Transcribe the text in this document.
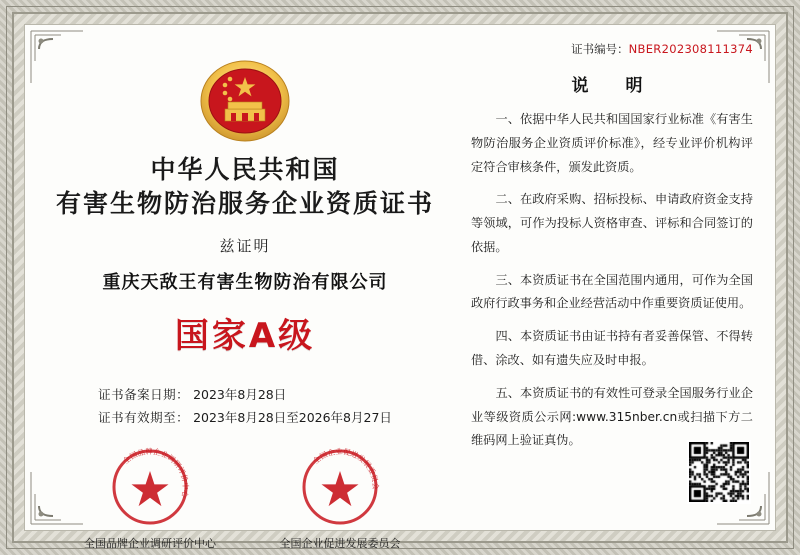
中华人民共和国
有害生物防治服务企业资质证书
兹证明
重庆天敌王有害生物防治有限公司
国家A级
证书备案日期： 2023年8月28日
证书有效期至： 2023年8月28日至2026年8月27日
全国品牌企业调研评价中心
全国品牌企业调研评价中心
全国企业促进发展委员会
全国企业促进发展委员会
证书编号：NBER202308111374
说　明
一、依据中华人民共和国国家行业标准《有害生物防治服务企业资质评价标准》，经专业评价机构评定符合审核条件，颁发此资质。
二、在政府采购、招标投标、申请政府资金支持等领域，可作为投标人资格审查、评标和合同签订的依据。
三、本资质证书在全国范围内通用，可作为全国政府行政事务和企业经营活动中作重要资质证使用。
四、本资质证书由证书持有者妥善保管、不得转借、涂改、如有遗失应及时申报。
五、本资质证书的有效性可登录全国服务行业企业等级资质公示网:www.315nber.cn或扫描下方二维码网上验证真伪。
